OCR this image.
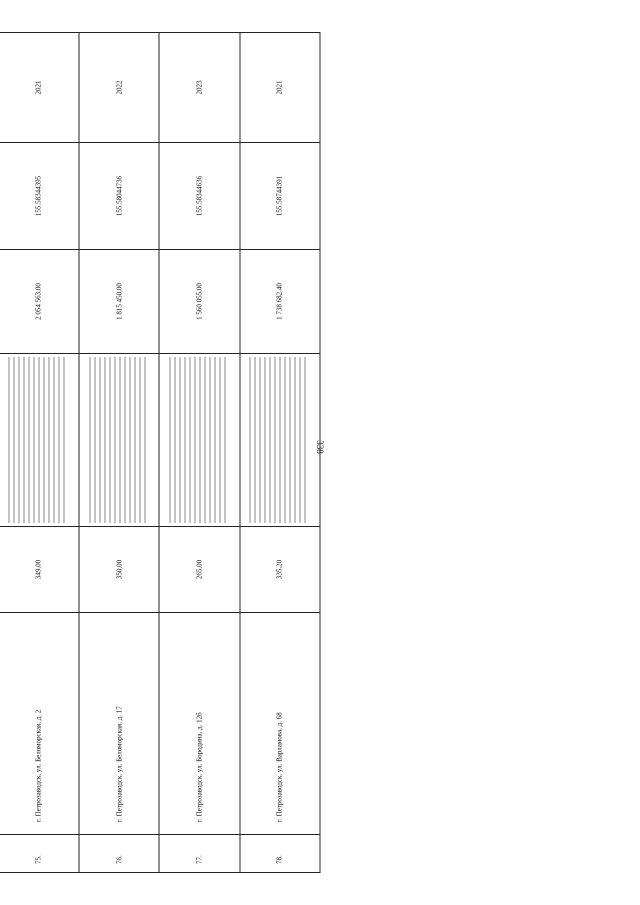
338

75.	г. Петрозаводск, ул. Беломорская, д. 2	349,00		2 054 563,00	155.58344395	2021
76.	г. Петрозаводск, ул. Беломорская, д. 17	350,00		1 815 450,00	155.58044736	2022
77.	г. Петрозаводск, ул. Бородина, д. 12б	265,00		1 560 055,00	155.58344636	2023
78.	г. Петрозаводск, ул. Варламова, д. 68	335,20		1 738 682,40	155.58744391	2021
